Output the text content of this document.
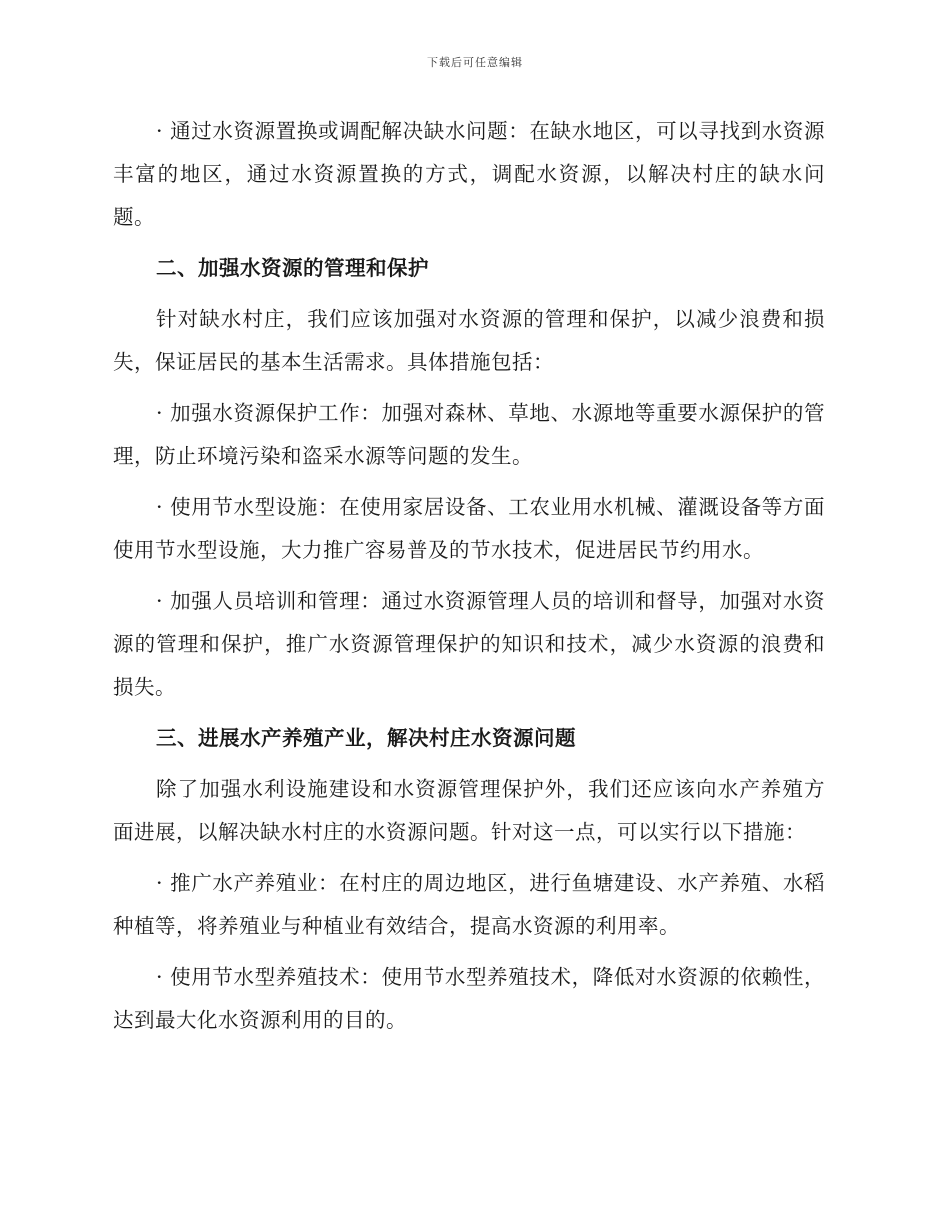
下载后可任意编辑

· 通过水资源置换或调配解决缺水问题：在缺水地区，可以寻找到水资源丰富的地区，通过水资源置换的方式，调配水资源，以解决村庄的缺水问题。

二、加强水资源的管理和保护

针对缺水村庄，我们应该加强对水资源的管理和保护，以减少浪费和损失，保证居民的基本生活需求。具体措施包括：

· 加强水资源保护工作：加强对森林、草地、水源地等重要水源保护的管理，防止环境污染和盗采水源等问题的发生。

· 使用节水型设施：在使用家居设备、工农业用水机械、灌溉设备等方面使用节水型设施，大力推广容易普及的节水技术，促进居民节约用水。

· 加强人员培训和管理：通过水资源管理人员的培训和督导，加强对水资源的管理和保护，推广水资源管理保护的知识和技术，减少水资源的浪费和损失。

三、进展水产养殖产业，解决村庄水资源问题

除了加强水利设施建设和水资源管理保护外，我们还应该向水产养殖方面进展，以解决缺水村庄的水资源问题。针对这一点，可以实行以下措施：

· 推广水产养殖业：在村庄的周边地区，进行鱼塘建设、水产养殖、水稻种植等，将养殖业与种植业有效结合，提高水资源的利用率。

· 使用节水型养殖技术：使用节水型养殖技术，降低对水资源的依赖性，达到最大化水资源利用的目的。
